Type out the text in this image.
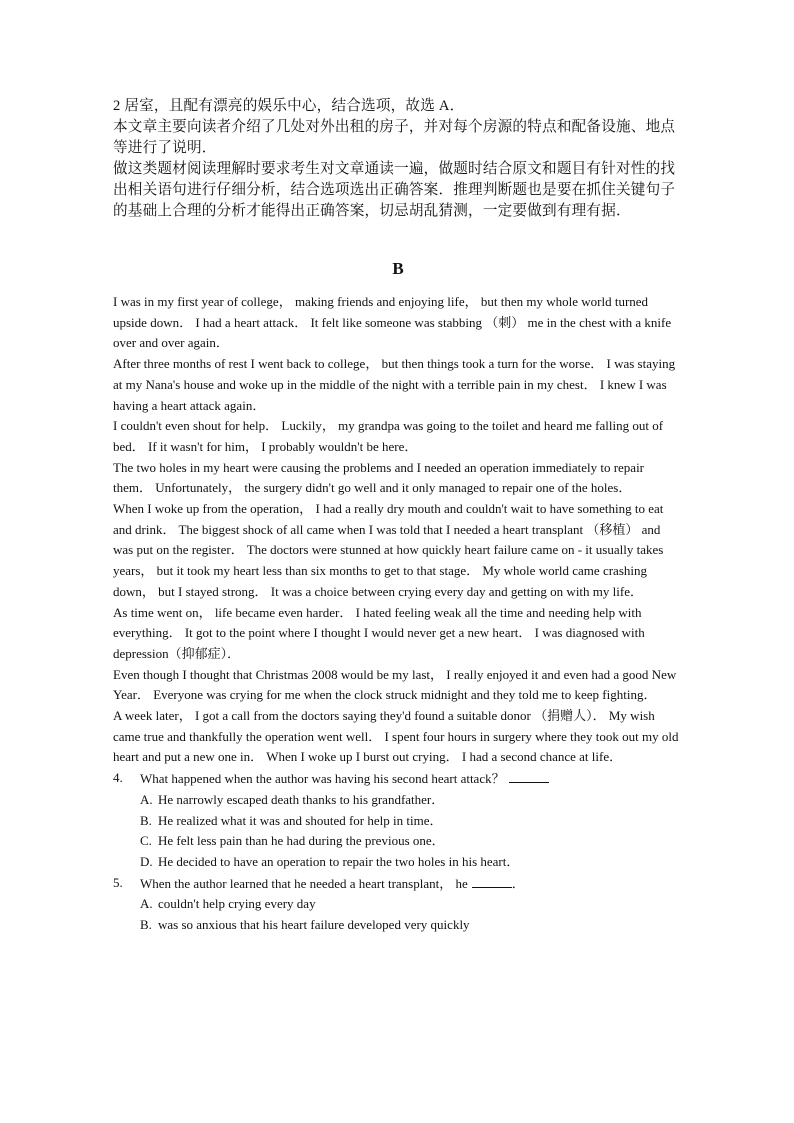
2 居室，且配有漂亮的娱乐中心，结合选项，故选 A．

本文章主要向读者介绍了几处对外出租的房子，并对每个房源的特点和配备设施、地点等进行了说明．

做这类题材阅读理解时要求考生对文章通读一遍，做题时结合原文和题目有针对性的找出相关语句进行仔细分析，结合选项选出正确答案．推理判断题也是要在抓住关键句子的基础上合理的分析才能得出正确答案，切忌胡乱猜测，一定要做到有理有据．

B

I was in my first year of college， making friends and enjoying life， but then my whole world turned upside down． I had a heart attack． It felt like someone was stabbing （刺） me in the chest with a knife over and over again．

After three months of rest I went back to college， but then things took a turn for the worse． I was staying at my Nana's house and woke up in the middle of the night with a terrible pain in my chest． I knew I was having a heart attack again．

I couldn't even shout for help． Luckily， my grandpa was going to the toilet and heard me falling out of bed． If it wasn't for him， I probably wouldn't be here．

The two holes in my heart were causing the problems and I needed an operation immediately to repair them． Unfortunately， the surgery didn't go well and it only managed to repair one of the holes．

When I woke up from the operation， I had a really dry mouth and couldn't wait to have something to eat and drink． The biggest shock of all came when I was told that I needed a heart transplant （移植） and was put on the register． The doctors were stunned at how quickly heart failure came on - it usually takes years， but it took my heart less than six months to get to that stage． My whole world came crashing down， but I stayed strong． It was a choice between crying every day and getting on with my life．

As time went on， life became even harder． I hated feeling weak all the time and needing help with everything． It got to the point where I thought I would never get a new heart． I was diagnosed with depression（抑郁症）．

Even though I thought that Christmas 2008 would be my last， I really enjoyed it and even had a good New Year． Everyone was crying for me when the clock struck midnight and they told me to keep fighting．

A week later， I got a call from the doctors saying they'd found a suitable donor （捐赠人）． My wish came true and thankfully the operation went well． I spent four hours in surgery where they took out my old heart and put a new one in． When I woke up I burst out crying． I had a second chance at life．

4.	What happened when the author was having his second heart attack？
A. He narrowly escaped death thanks to his grandfather．
B. He realized what it was and shouted for help in time．
C. He felt less pain than he had during the previous one．
D. He decided to have an operation to repair the two holes in his heart．
5.	When the author learned that he needed a heart transplant， he	．
A. couldn't help crying every day
B. was so anxious that his heart failure developed very quickly
